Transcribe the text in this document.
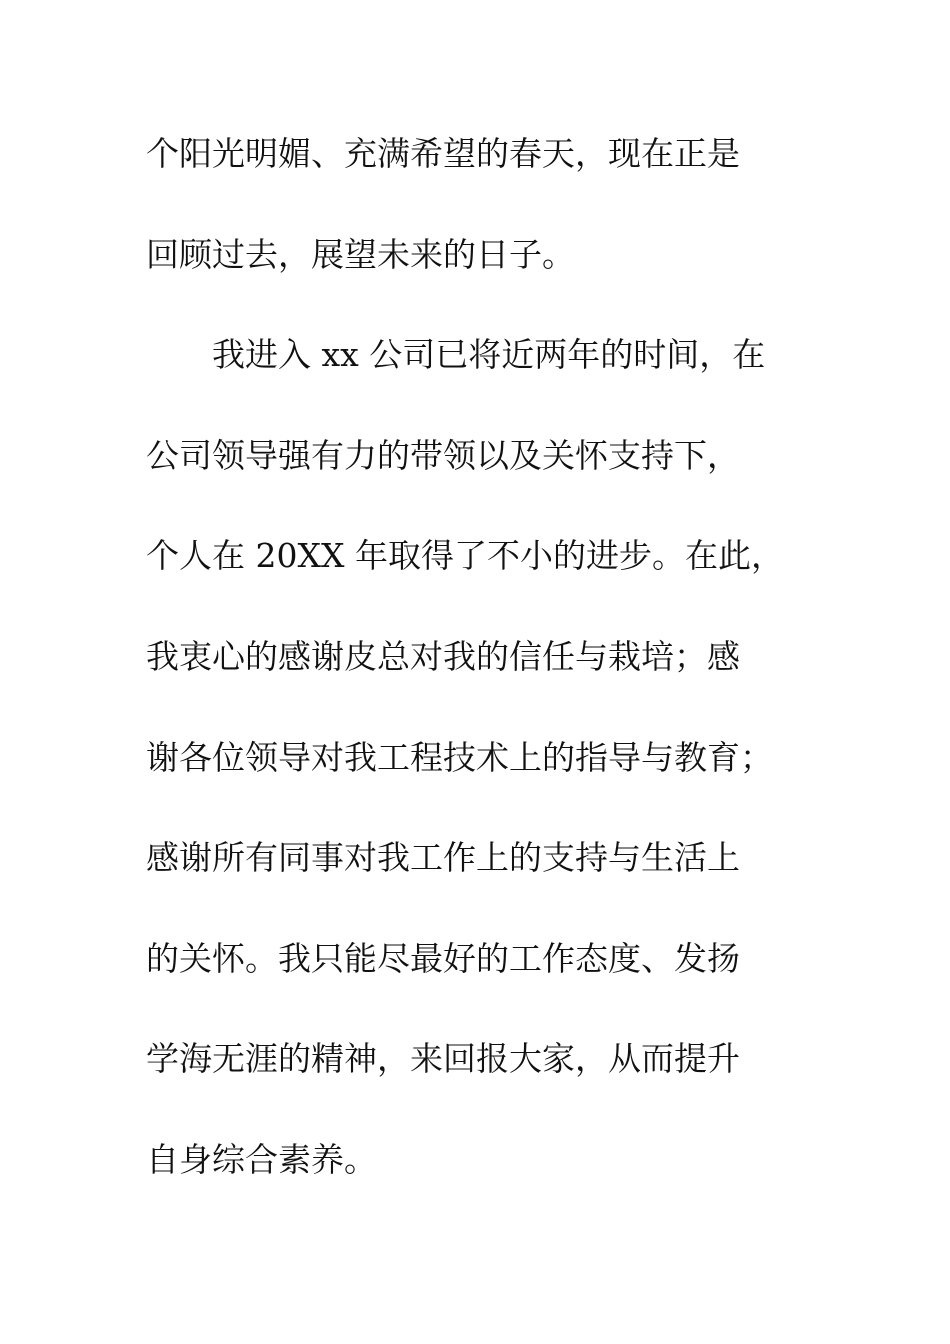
个阳光明媚、充满希望的春天，现在正是
回顾过去，展望未来的日子。
　　我进入 xx 公司已将近两年的时间，在
公司领导强有力的带领以及关怀支持下，
个人在 20XX 年取得了不小的进步。在此，
我衷心的感谢皮总对我的信任与栽培；感
谢各位领导对我工程技术上的指导与教育；
感谢所有同事对我工作上的支持与生活上
的关怀。我只能尽最好的工作态度、发扬
学海无涯的精神，来回报大家，从而提升
自身综合素养。
